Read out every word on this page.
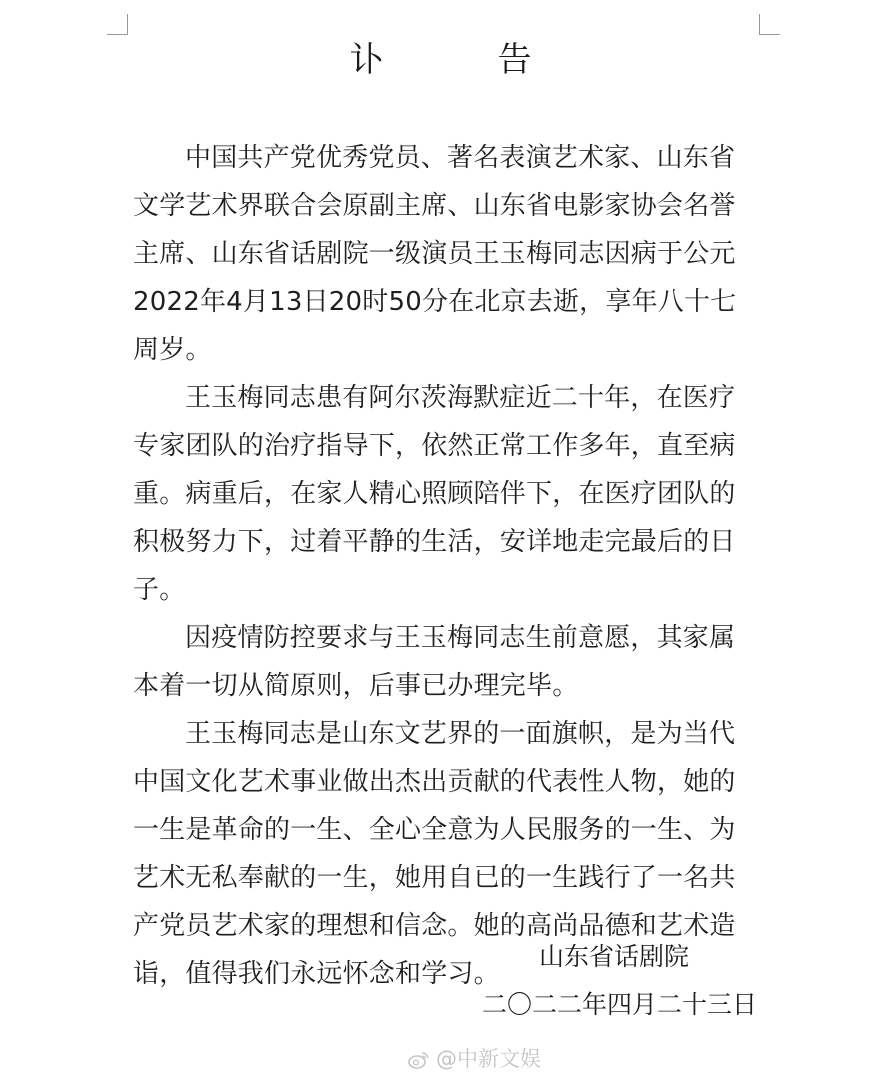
讣　告

中国共产党优秀党员、著名表演艺术家、山东省文学艺术界联合会原副主席、山东省电影家协会名誉主席、山东省话剧院一级演员王玉梅同志因病于公元2022年4月13日20时50分在北京去逝，享年八十七周岁。

王玉梅同志患有阿尔茨海默症近二十年，在医疗专家团队的治疗指导下，依然正常工作多年，直至病重。病重后，在家人精心照顾陪伴下，在医疗团队的积极努力下，过着平静的生活，安详地走完最后的日子。

因疫情防控要求与王玉梅同志生前意愿，其家属本着一切从简原则，后事已办理完毕。

王玉梅同志是山东文艺界的一面旗帜，是为当代中国文化艺术事业做出杰出贡献的代表性人物，她的一生是革命的一生、全心全意为人民服务的一生、为艺术无私奉献的一生，她用自已的一生践行了一名共产党员艺术家的理想和信念。她的高尚品德和艺术造诣，值得我们永远怀念和学习。

山东省话剧院
二〇二二年四月二十三日
@中新文娱
